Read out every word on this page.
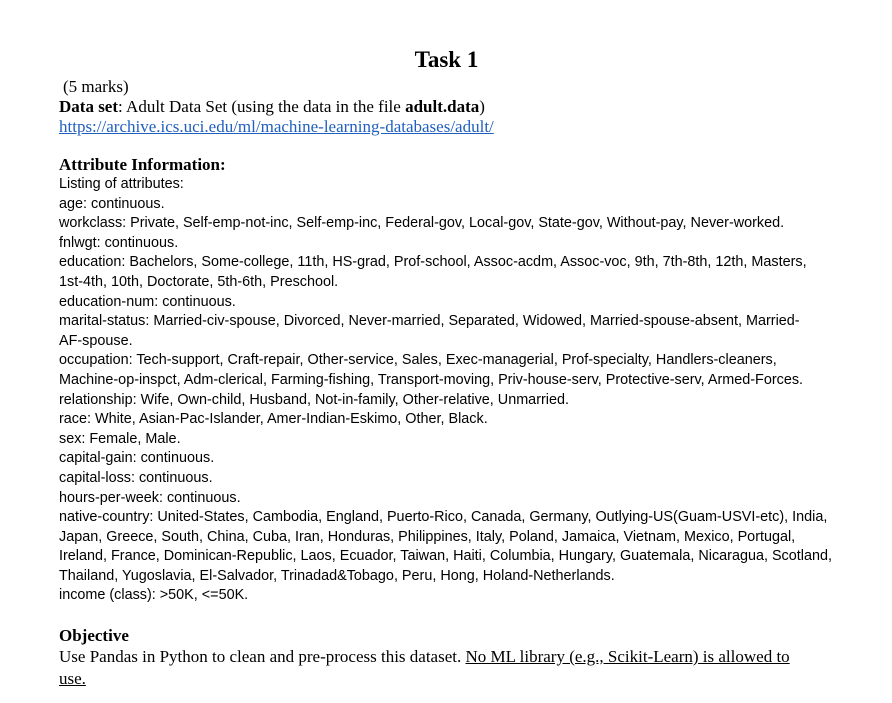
Task 1
(5 marks)
Data set: Adult Data Set (using the data in the file adult.data)
https://archive.ics.uci.edu/ml/machine-learning-databases/adult/
Attribute Information:
Listing of attributes:
age: continuous.
workclass: Private, Self-emp-not-inc, Self-emp-inc, Federal-gov, Local-gov, State-gov, Without-pay, Never-worked.
fnlwgt: continuous.
education: Bachelors, Some-college, 11th, HS-grad, Prof-school, Assoc-acdm, Assoc-voc, 9th, 7th-8th, 12th, Masters,
1st-4th, 10th, Doctorate, 5th-6th, Preschool.
education-num: continuous.
marital-status: Married-civ-spouse, Divorced, Never-married, Separated, Widowed, Married-spouse-absent, Married-
AF-spouse.
occupation: Tech-support, Craft-repair, Other-service, Sales, Exec-managerial, Prof-specialty, Handlers-cleaners,
Machine-op-inspct, Adm-clerical, Farming-fishing, Transport-moving, Priv-house-serv, Protective-serv, Armed-Forces.
relationship: Wife, Own-child, Husband, Not-in-family, Other-relative, Unmarried.
race: White, Asian-Pac-Islander, Amer-Indian-Eskimo, Other, Black.
sex: Female, Male.
capital-gain: continuous.
capital-loss: continuous.
hours-per-week: continuous.
native-country: United-States, Cambodia, England, Puerto-Rico, Canada, Germany, Outlying-US(Guam-USVI-etc), India,
Japan, Greece, South, China, Cuba, Iran, Honduras, Philippines, Italy, Poland, Jamaica, Vietnam, Mexico, Portugal,
Ireland, France, Dominican-Republic, Laos, Ecuador, Taiwan, Haiti, Columbia, Hungary, Guatemala, Nicaragua, Scotland,
Thailand, Yugoslavia, El-Salvador, Trinadad&Tobago, Peru, Hong, Holand-Netherlands.
income (class): >50K, <=50K.
Objective
Use Pandas in Python to clean and pre-process this dataset. No ML library (e.g., Scikit-Learn) is allowed to
use.
